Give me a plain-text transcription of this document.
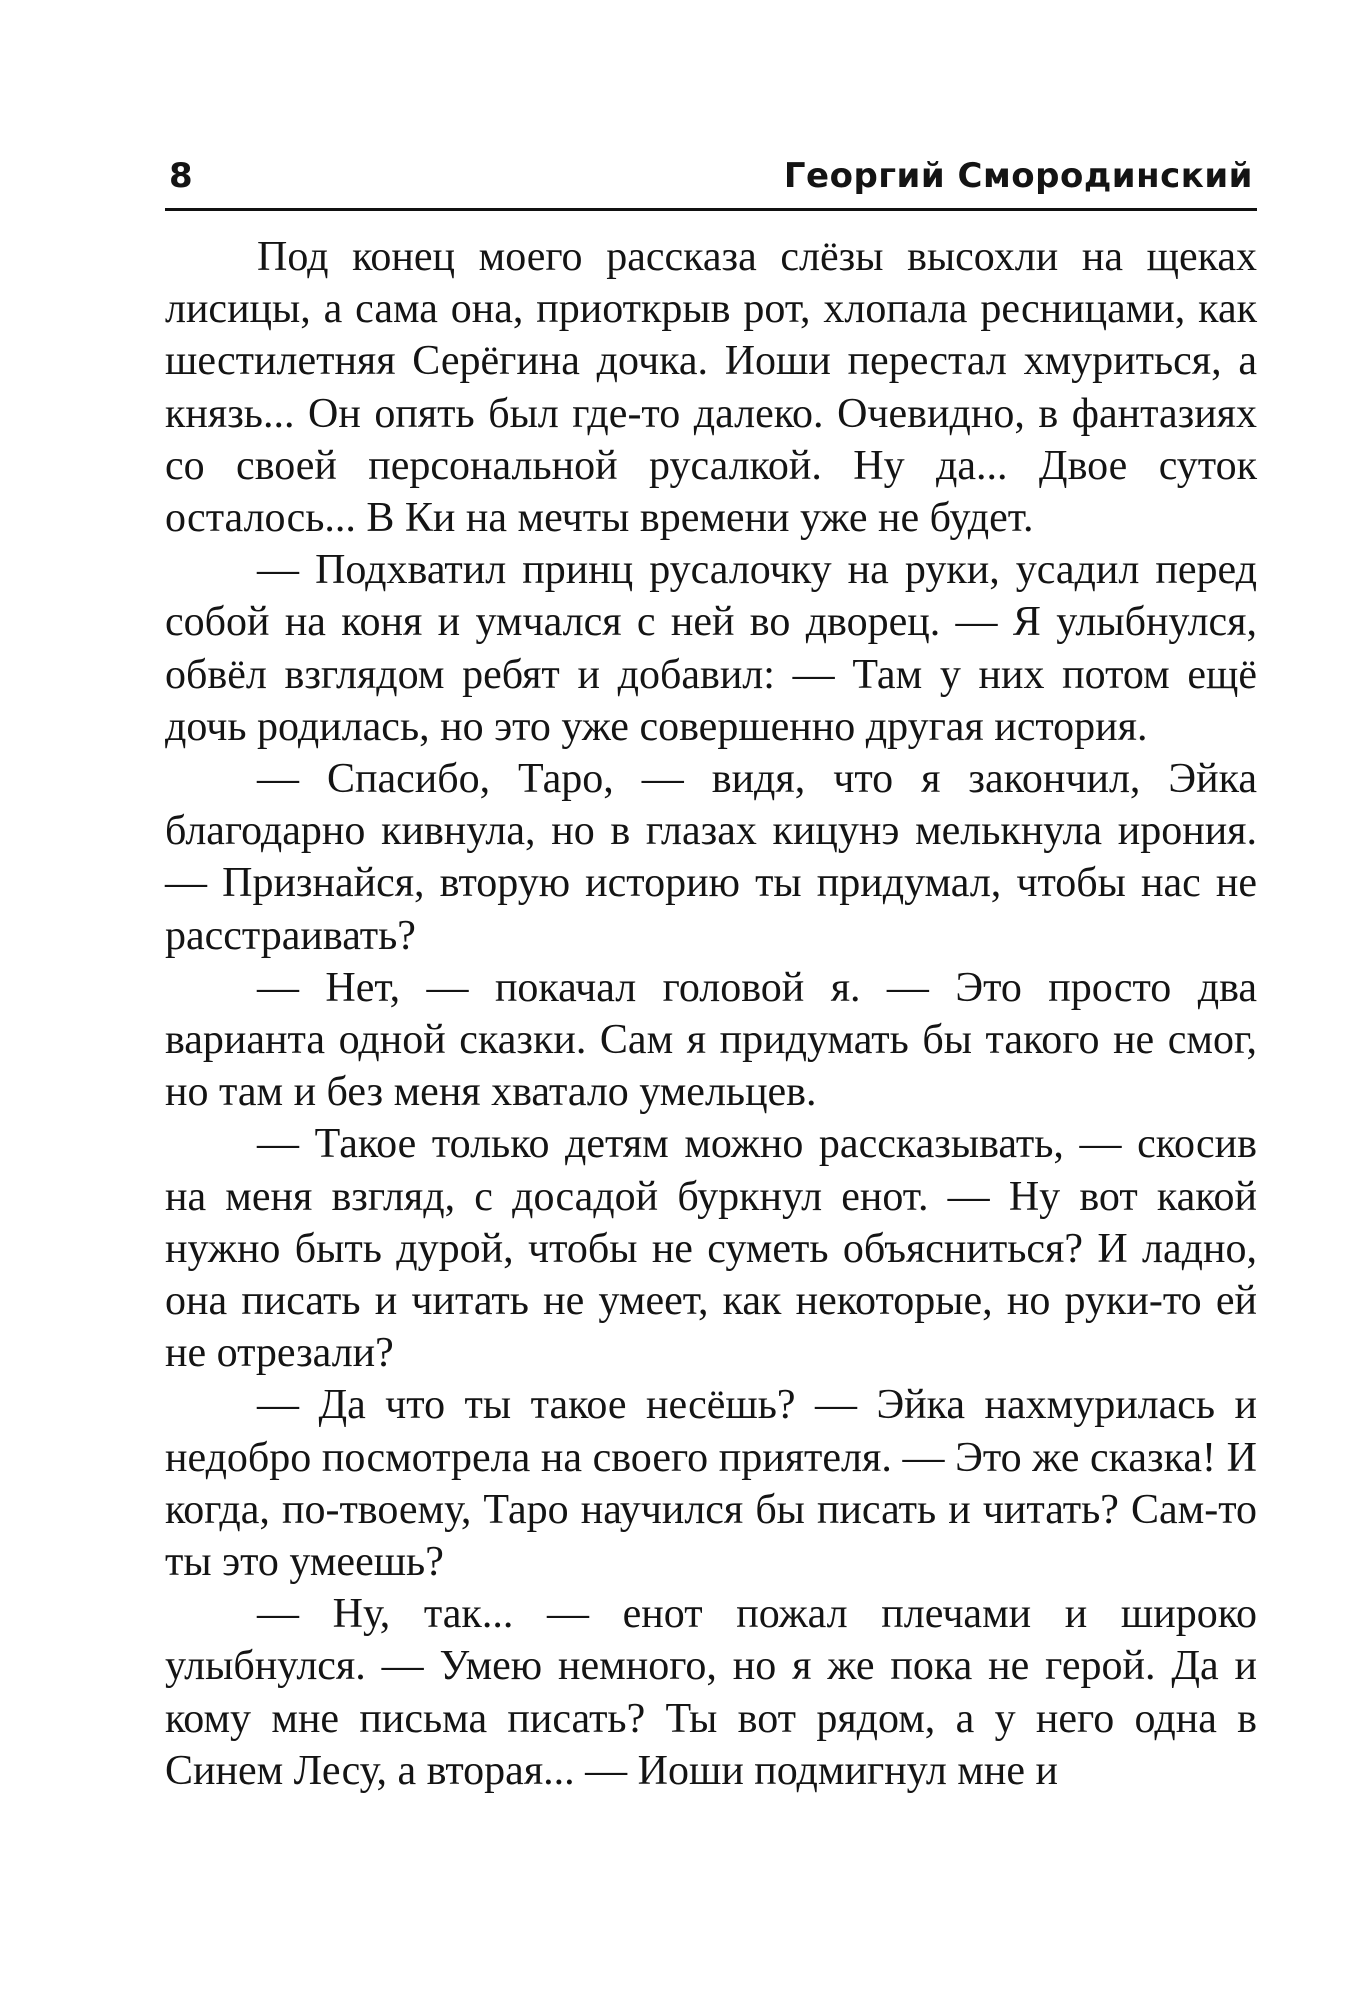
8	Георгий Смородинский

Под конец моего рассказа слёзы высохли на щеках лисицы, а сама она, приоткрыв рот, хлопала ресницами, как шестилетняя Серёгина дочка. Иоши перестал хмуриться, а князь... Он опять был где-то далеко. Очевидно, в фантазиях со своей персональной русалкой. Ну да... Двое суток осталось... В Ки на мечты времени уже не будет.

— Подхватил принц русалочку на руки, усадил перед собой на коня и умчался с ней во дворец. — Я улыбнулся, обвёл взглядом ребят и добавил: — Там у них потом ещё дочь родилась, но это уже совершенно другая история.

— Спасибо, Таро, — видя, что я закончил, Эйка благодарно кивнула, но в глазах кицунэ мелькнула ирония. — Признайся, вторую историю ты придумал, чтобы нас не расстраивать?

— Нет, — покачал головой я. — Это просто два варианта одной сказки. Сам я придумать бы такого не смог, но там и без меня хватало умельцев.

— Такое только детям можно рассказывать, — скосив на меня взгляд, с досадой буркнул енот. — Ну вот какой нужно быть дурой, чтобы не суметь объясниться? И ладно, она писать и читать не умеет, как некоторые, но руки-то ей не отрезали?

— Да что ты такое несёшь? — Эйка нахмурилась и недобро посмотрела на своего приятеля. — Это же сказка! И когда, по-твоему, Таро научился бы писать и читать? Сам-то ты это умеешь?

— Ну, так... — енот пожал плечами и широко улыбнулся. — Умею немного, но я же пока не герой. Да и кому мне письма писать? Ты вот рядом, а у него одна в Синем Лесу, а вторая... — Иоши подмигнул мне и
